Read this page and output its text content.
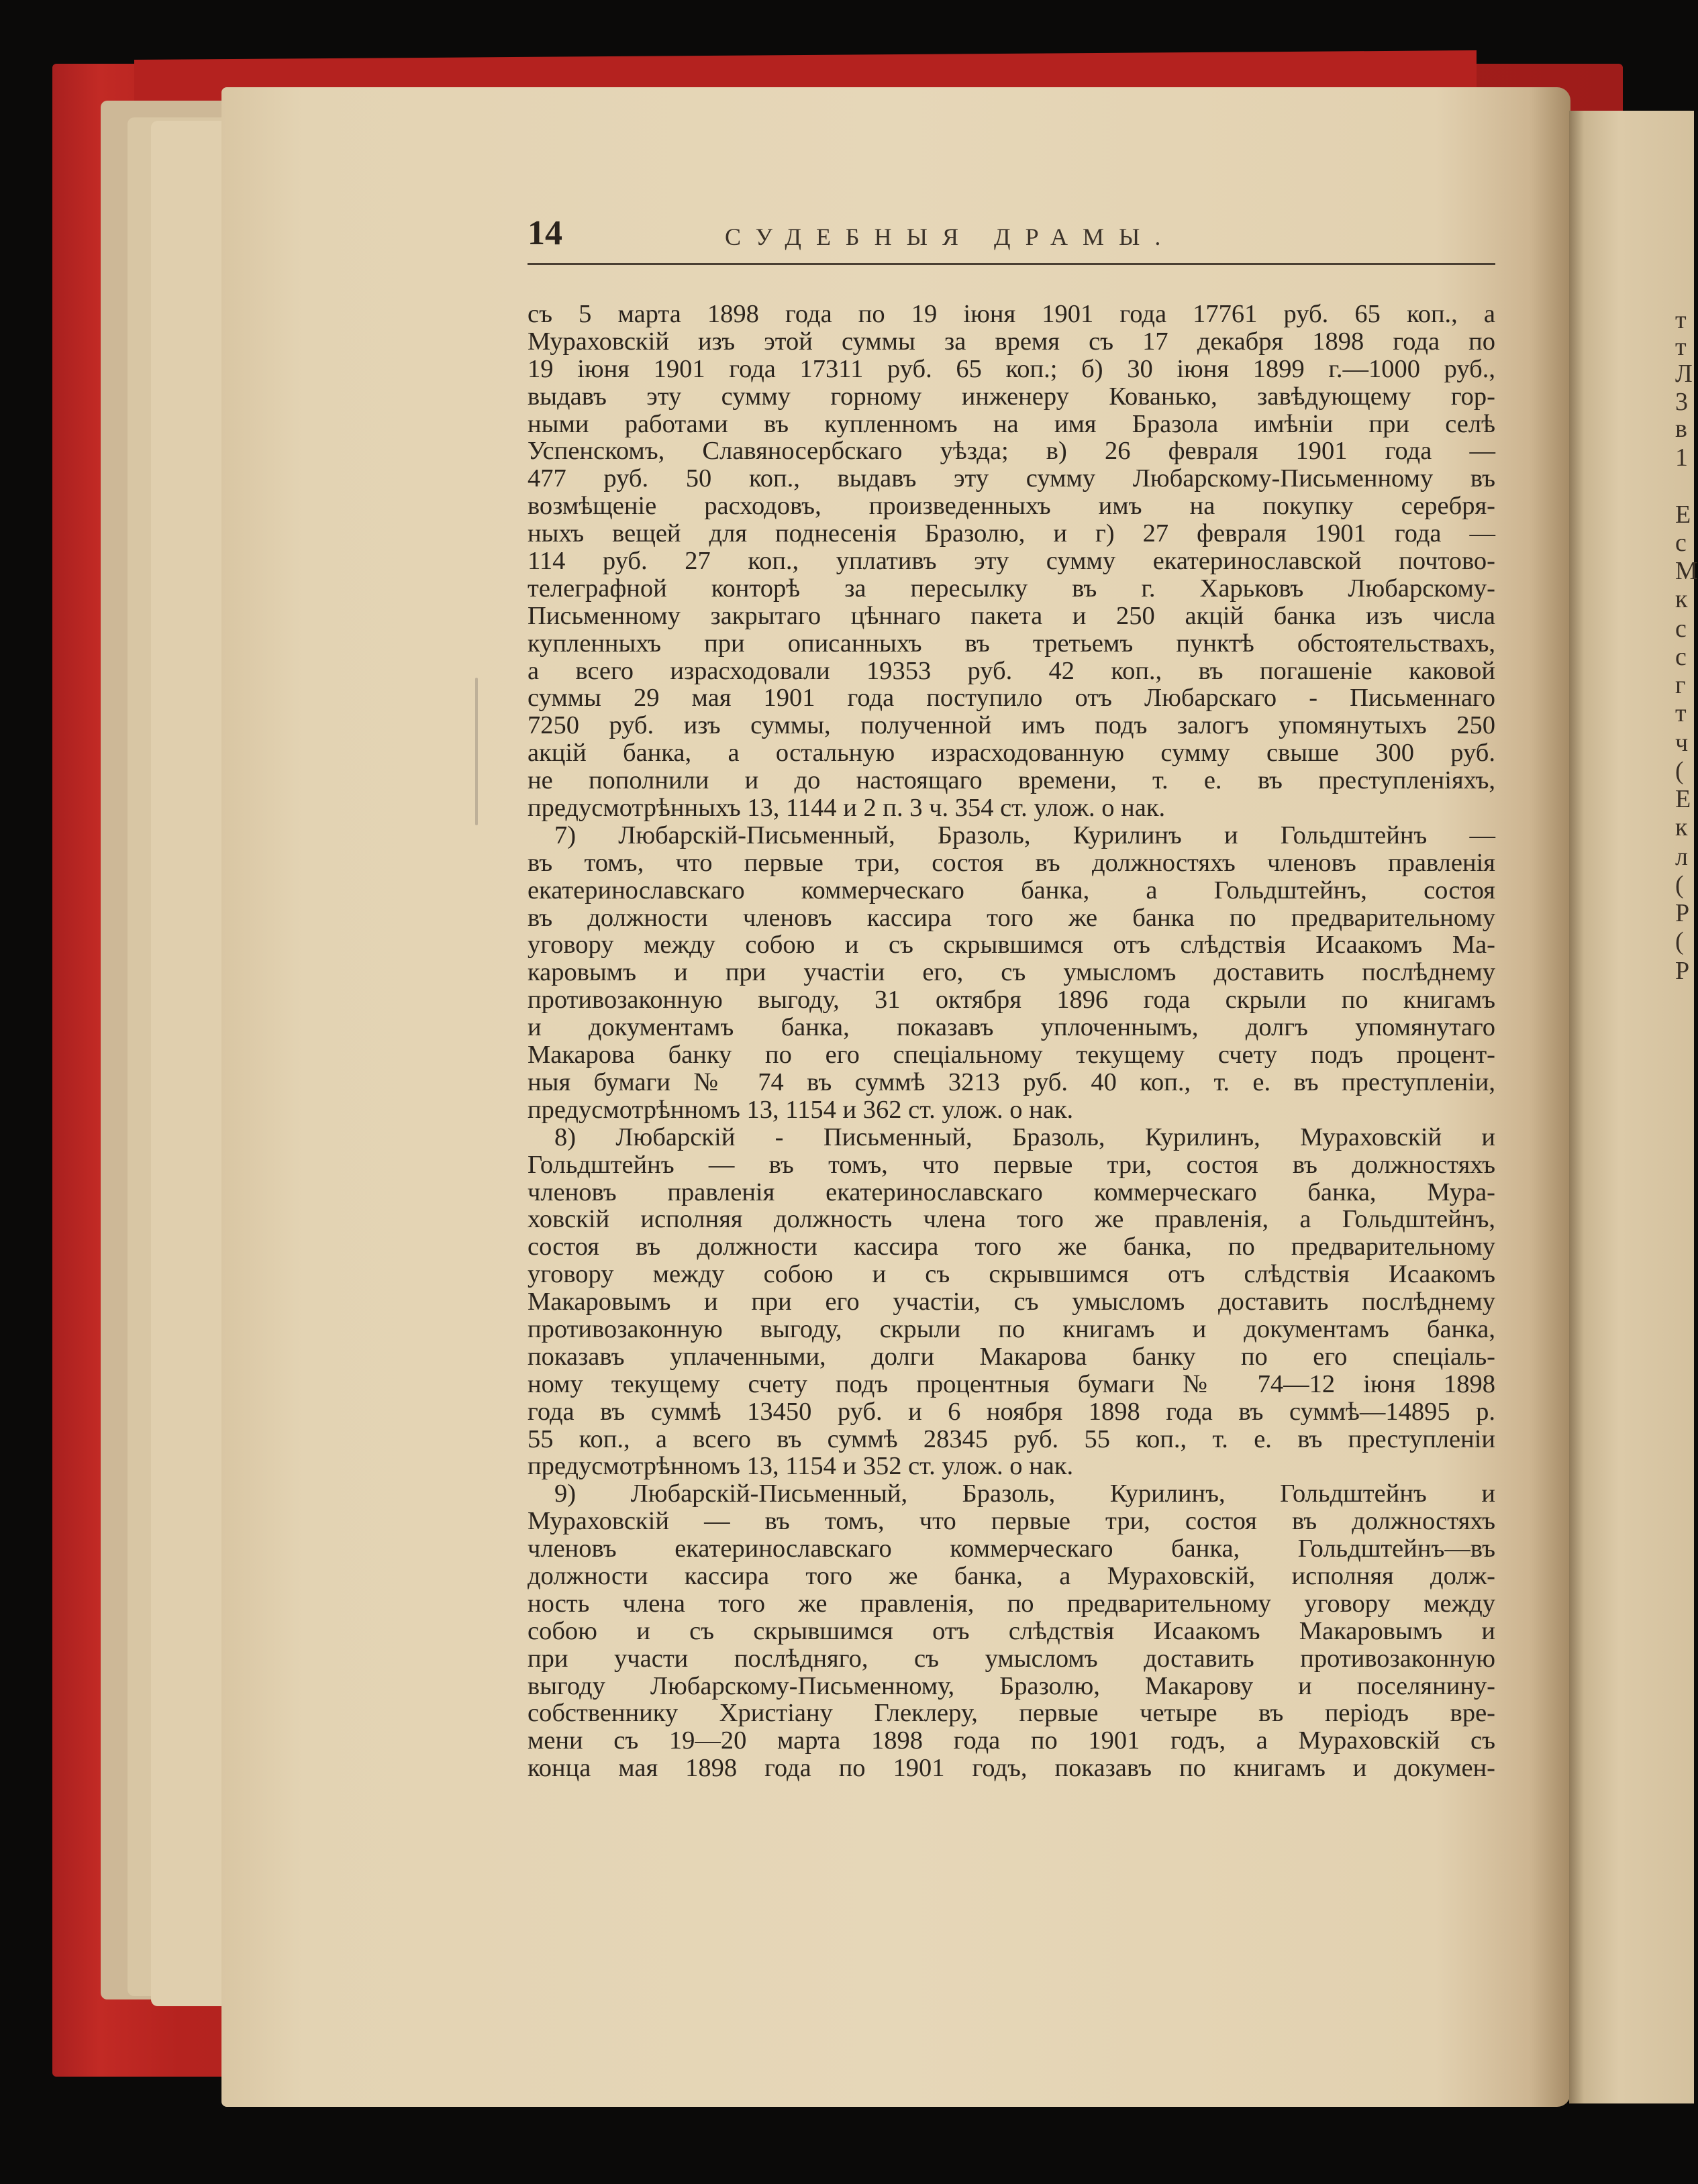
т
т
Л
3
в
1
Е
с
М
к
с
с
г
т
ч
(
Е
к
л
(
Р
(
Р
14	СУДЕБНЫЯ ДРАМЫ.
съ 5 марта 1898 года по 19 іюня 1901 года 17761 руб. 65 коп., а
Мураховскій изъ этой суммы за время съ 17 декабря 1898 года по
19 іюня 1901 года 17311 руб. 65 коп.; б) 30 іюня 1899 г.—1000 руб.,
выдавъ эту сумму горному инженеру Кованько, завѣдующему гор-
ными работами въ купленномъ на имя Бразола имѣніи при селѣ
Успенскомъ, Славяносербскаго уѣзда; в) 26 февраля 1901 года —
477 руб. 50 коп., выдавъ эту сумму Любарскому-Письменному въ
возмѣщеніе расходовъ, произведенныхъ имъ на покупку серебря-
ныхъ вещей для поднесенія Бразолю, и г) 27 февраля 1901 года —
114 руб. 27 коп., уплативъ эту сумму екатеринославской почтово-
телеграфной конторѣ за пересылку въ г. Харьковъ Любарскому-
Письменному закрытаго цѣннаго пакета и 250 акцій банка изъ числа
купленныхъ при описанныхъ въ третьемъ пунктѣ обстоятельствахъ,
а всего израсходовали 19353 руб. 42 коп., въ погашеніе каковой
суммы 29 мая 1901 года поступило отъ Любарскаго - Письменнаго
7250 руб. изъ суммы, полученной имъ подъ залогъ упомянутыхъ 250
акцій банка, а остальную израсходованную сумму свыше 300 руб.
не пополнили и до настоящаго времени, т. е. въ преступленіяхъ,
предусмотрѣнныхъ 13, 1144 и 2 п. 3 ч. 354 ст. улож. о нак.
7) Любарскій-Письменный, Бразоль, Курилинъ и Гольдштейнъ —
въ томъ, что первые три, состоя въ должностяхъ членовъ правленія
екатеринославскаго коммерческаго банка, а Гольдштейнъ, состоя
въ должности членовъ кассира того же банка по предварительному
уговору между собою и съ скрывшимся отъ слѣдствія Исаакомъ Ма-
каровымъ и при участіи его, съ умысломъ доставить послѣднему
противозаконную выгоду, 31 октября 1896 года скрыли по книгамъ
и документамъ банка, показавъ уплоченнымъ, долгъ упомянутаго
Макарова банку по его спеціальному текущему счету подъ процент-
ныя бумаги № 74 въ суммѣ 3213 руб. 40 коп., т. е. въ преступленіи,
предусмотрѣнномъ 13, 1154 и 362 ст. улож. о нак.
8) Любарскій - Письменный, Бразоль, Курилинъ, Мураховскій и
Гольдштейнъ — въ томъ, что первые три, состоя въ должностяхъ
членовъ правленія екатеринославскаго коммерческаго банка, Мура-
ховскій исполняя должность члена того же правленія, а Гольдштейнъ,
состоя въ должности кассира того же банка, по предварительному
уговору между собою и съ скрывшимся отъ слѣдствія Исаакомъ
Макаровымъ и при его участіи, съ умысломъ доставить послѣднему
противозаконную выгоду, скрыли по книгамъ и документамъ банка,
показавъ уплаченными, долги Макарова банку по его спеціаль-
ному текущему счету подъ процентныя бумаги № 74—12 іюня 1898
года въ суммѣ 13450 руб. и 6 ноября 1898 года въ суммѣ—14895 р.
55 коп., а всего въ суммѣ 28345 руб. 55 коп., т. е. въ преступленіи
предусмотрѣнномъ 13, 1154 и 352 ст. улож. о нак.
9) Любарскій-Письменный, Бразоль, Курилинъ, Гольдштейнъ и
Мураховскій — въ томъ, что первые три, состоя въ должностяхъ
членовъ екатеринославскаго коммерческаго банка, Гольдштейнъ—въ
должности кассира того же банка, а Мураховскій, исполняя долж-
ность члена того же правленія, по предварительному уговору между
собою и съ скрывшимся отъ слѣдствія Исаакомъ Макаровымъ и
при участи послѣдняго, съ умысломъ доставить противозаконную
выгоду Любарскому-Письменному, Бразолю, Макарову и поселянину-
собственнику Христіану Глеклеру, первые четыре въ періодъ вре-
мени съ 19—20 марта 1898 года по 1901 годъ, а Мураховскій съ
конца мая 1898 года по 1901 годъ, показавъ по книгамъ и докумен-
